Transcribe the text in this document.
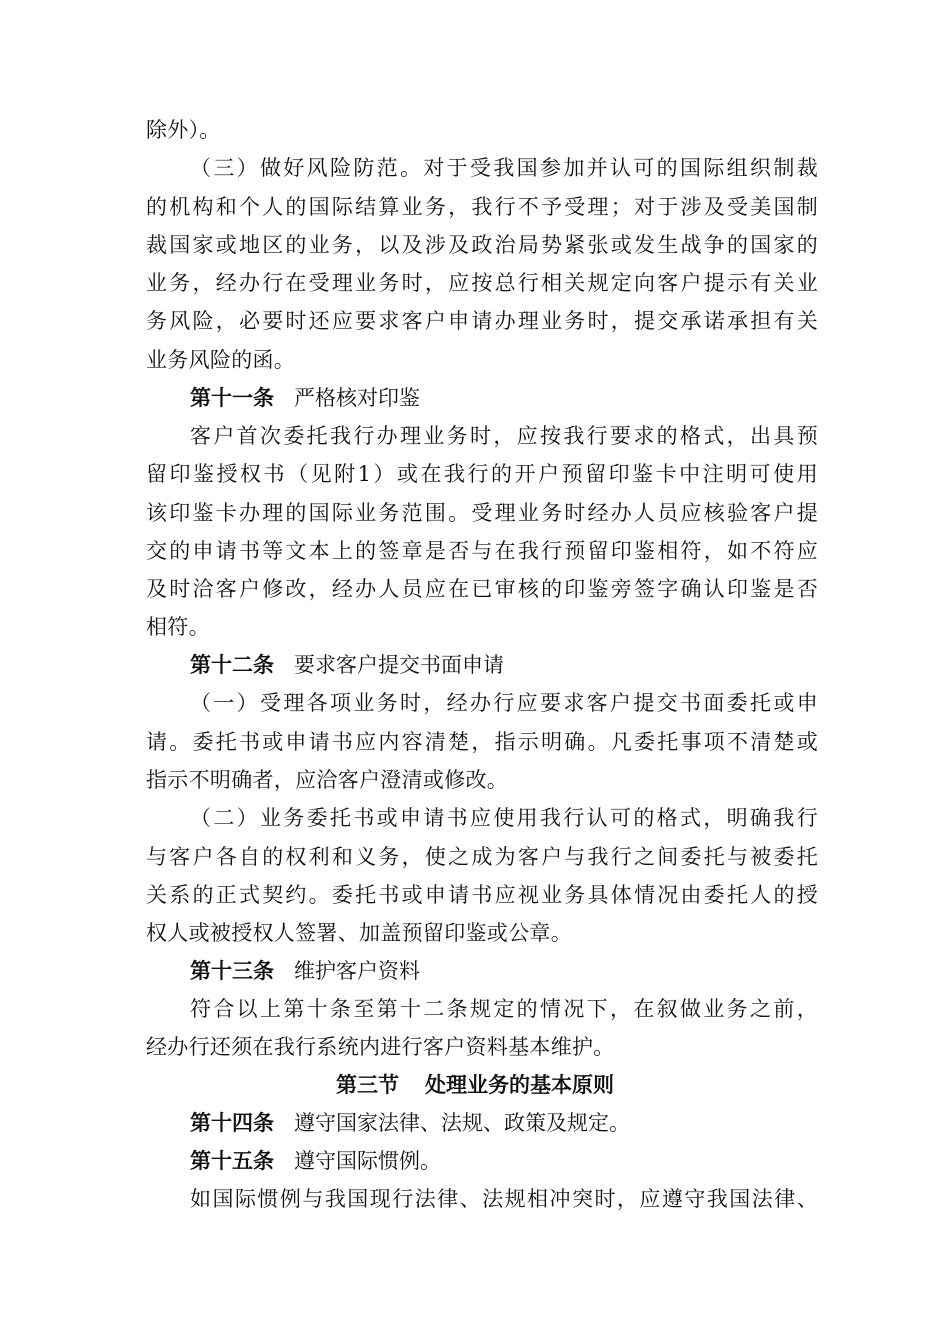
除外）。
（三）做好风险防范。对于受我国参加并认可的国际组织制裁
的机构和个人的国际结算业务，我行不予受理；对于涉及受美国制
裁国家或地区的业务，以及涉及政治局势紧张或发生战争的国家的
业务，经办行在受理业务时，应按总行相关规定向客户提示有关业
务风险，必要时还应要求客户申请办理业务时，提交承诺承担有关
业务风险的函。
第十一条 严格核对印鉴
客户首次委托我行办理业务时，应按我行要求的格式，出具预
留印鉴授权书（见附1）或在我行的开户预留印鉴卡中注明可使用
该印鉴卡办理的国际业务范围。受理业务时经办人员应核验客户提
交的申请书等文本上的签章是否与在我行预留印鉴相符，如不符应
及时洽客户修改，经办人员应在已审核的印鉴旁签字确认印鉴是否
相符。
第十二条 要求客户提交书面申请
（一）受理各项业务时，经办行应要求客户提交书面委托或申
请。委托书或申请书应内容清楚，指示明确。凡委托事项不清楚或
指示不明确者，应洽客户澄清或修改。
（二）业务委托书或申请书应使用我行认可的格式，明确我行
与客户各自的权利和义务，使之成为客户与我行之间委托与被委托
关系的正式契约。委托书或申请书应视业务具体情况由委托人的授
权人或被授权人签署、加盖预留印鉴或公章。
第十三条 维护客户资料
符合以上第十条至第十二条规定的情况下，在叙做业务之前，
经办行还须在我行系统内进行客户资料基本维护。
第三节 处理业务的基本原则
第十四条 遵守国家法律、法规、政策及规定。
第十五条 遵守国际惯例。
如国际惯例与我国现行法律、法规相冲突时，应遵守我国法律、
